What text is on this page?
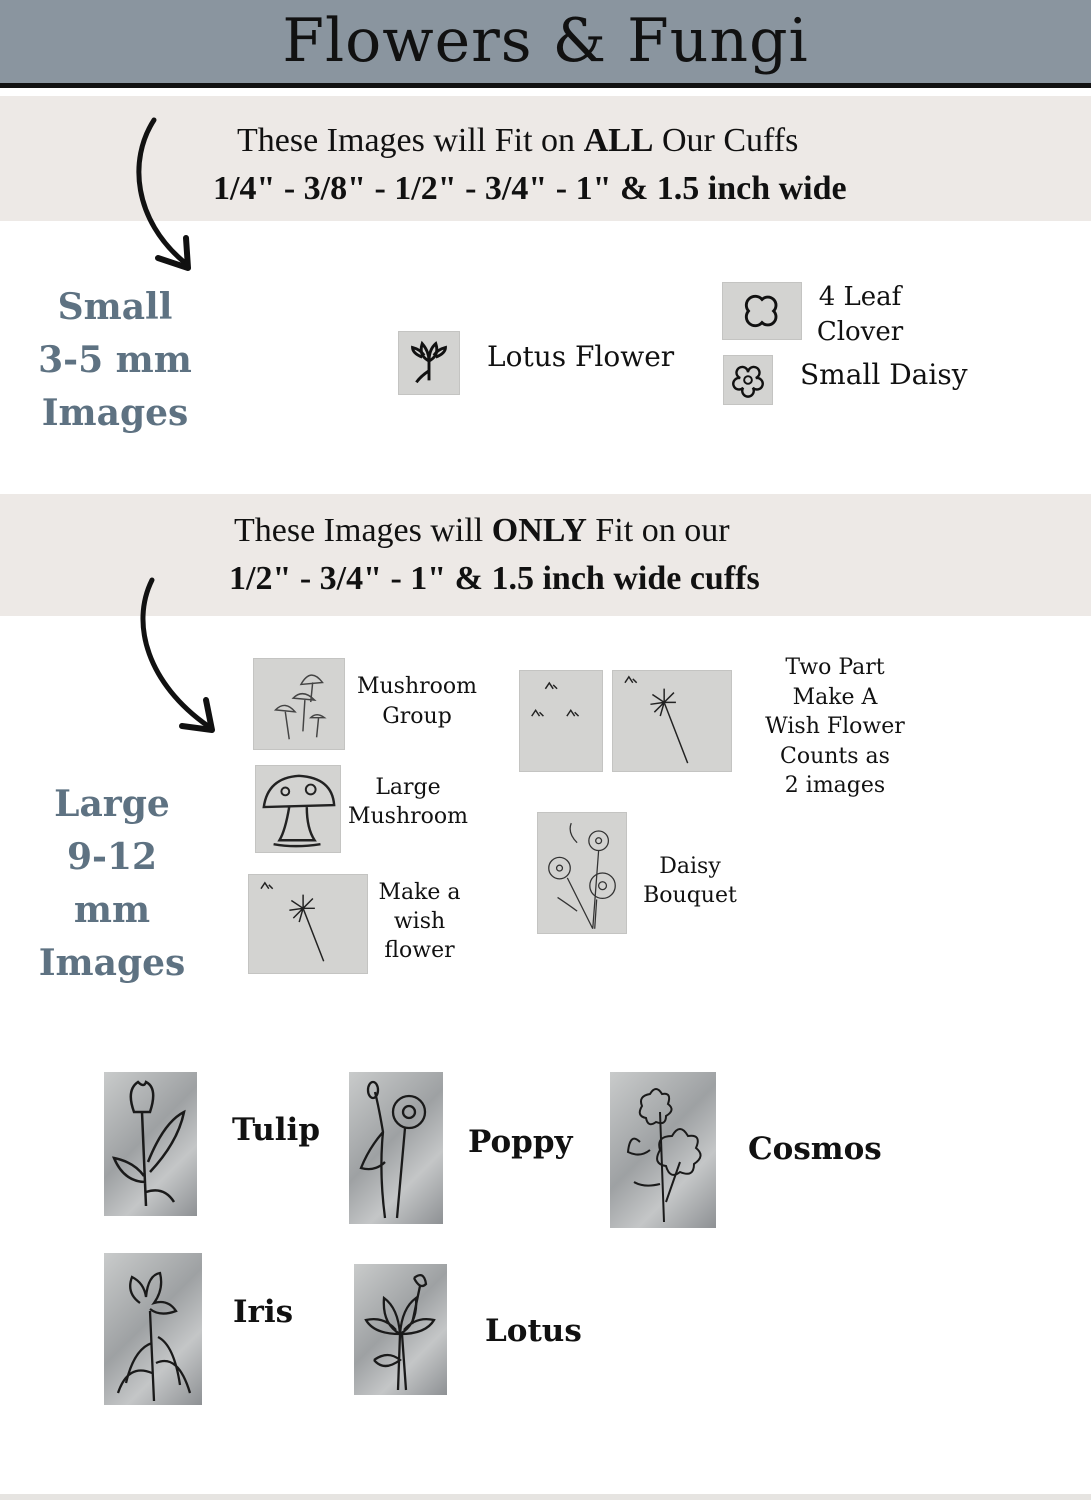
Flowers & Fungi
These Images will Fit on ALL Our Cuffs
1/4" - 3/8" - 1/2" - 3/4" - 1" & 1.5 inch wide
Small
3-5 mm
Images
Lotus Flower
4 Leaf
Clover
Small Daisy
These Images will ONLY Fit on our
1/2" - 3/4" - 1" & 1.5 inch wide cuffs
Large
9-12 mm
Images
Mushroom
Group
Large
Mushroom
Make a
wish
flower
Two Part
Make A
Wish Flower
Counts as
2 images
Daisy
Bouquet
Tulip	Poppy	Cosmos
Iris
Lotus
